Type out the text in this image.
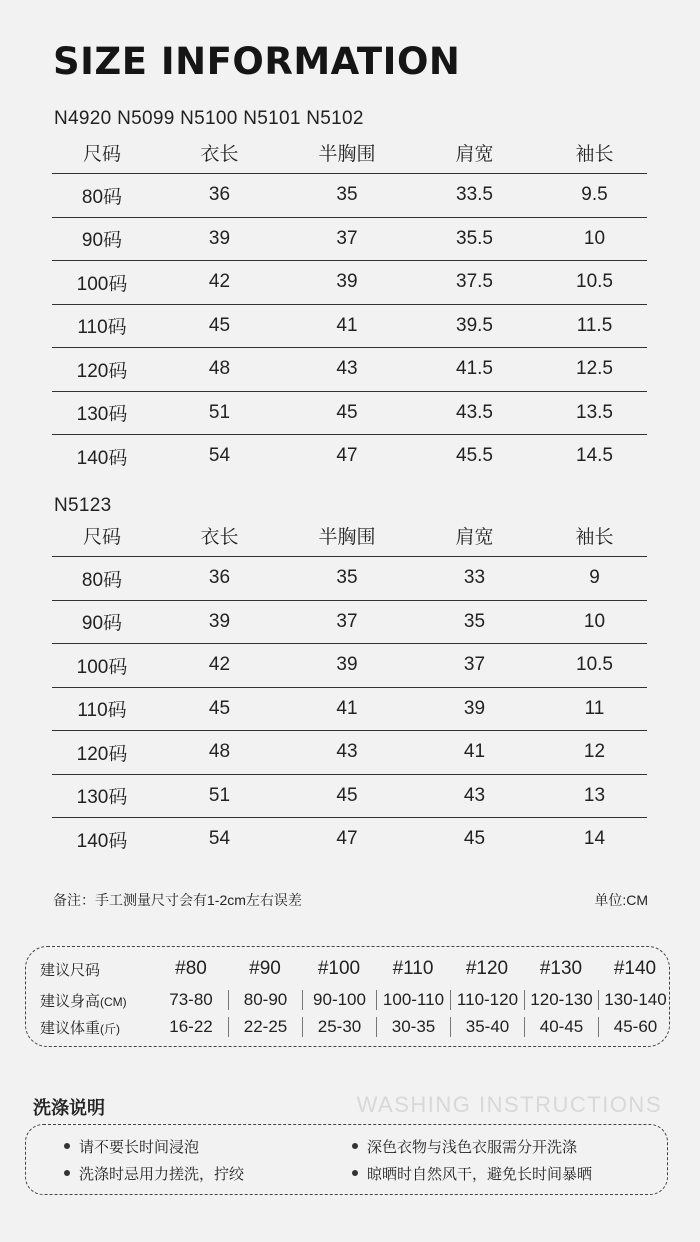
SIZE INFORMATION
N4920 N5099 N5100 N5101 N5102
尺码	衣长	半胸围	肩宽	袖长
80码	36	35	33.5	9.5
90码	39	37	35.5	10
100码	42	39	37.5	10.5
110码	45	41	39.5	11.5
120码	48	43	41.5	12.5
130码	51	45	43.5	13.5
140码	54	47	45.5	14.5
N5123
尺码	衣长	半胸围	肩宽	袖长
80码	36	35	33	9
90码	39	37	35	10
100码	42	39	37	10.5
110码	45	41	39	11
120码	48	43	41	12
130码	51	45	43	13
140码	54	47	45	14
备注：手工测量尺寸会有1-2cm左右误差	单位:CM
建议尺码	#80	#90	#100	#110	#120	#130	#140
建议身高(CM)	73-80	80-90	90-100 100-110 110-120 120-130 130-140
建议体重(斤)	16-22	22-25	25-30	30-35	35-40	40-45	45-60
洗涤说明	WASHING INSTRUCTIONS
请不要长时间浸泡	深色衣物与浅色衣服需分开洗涤
洗涤时忌用力搓洗，拧绞	晾晒时自然风干，避免长时间暴晒
